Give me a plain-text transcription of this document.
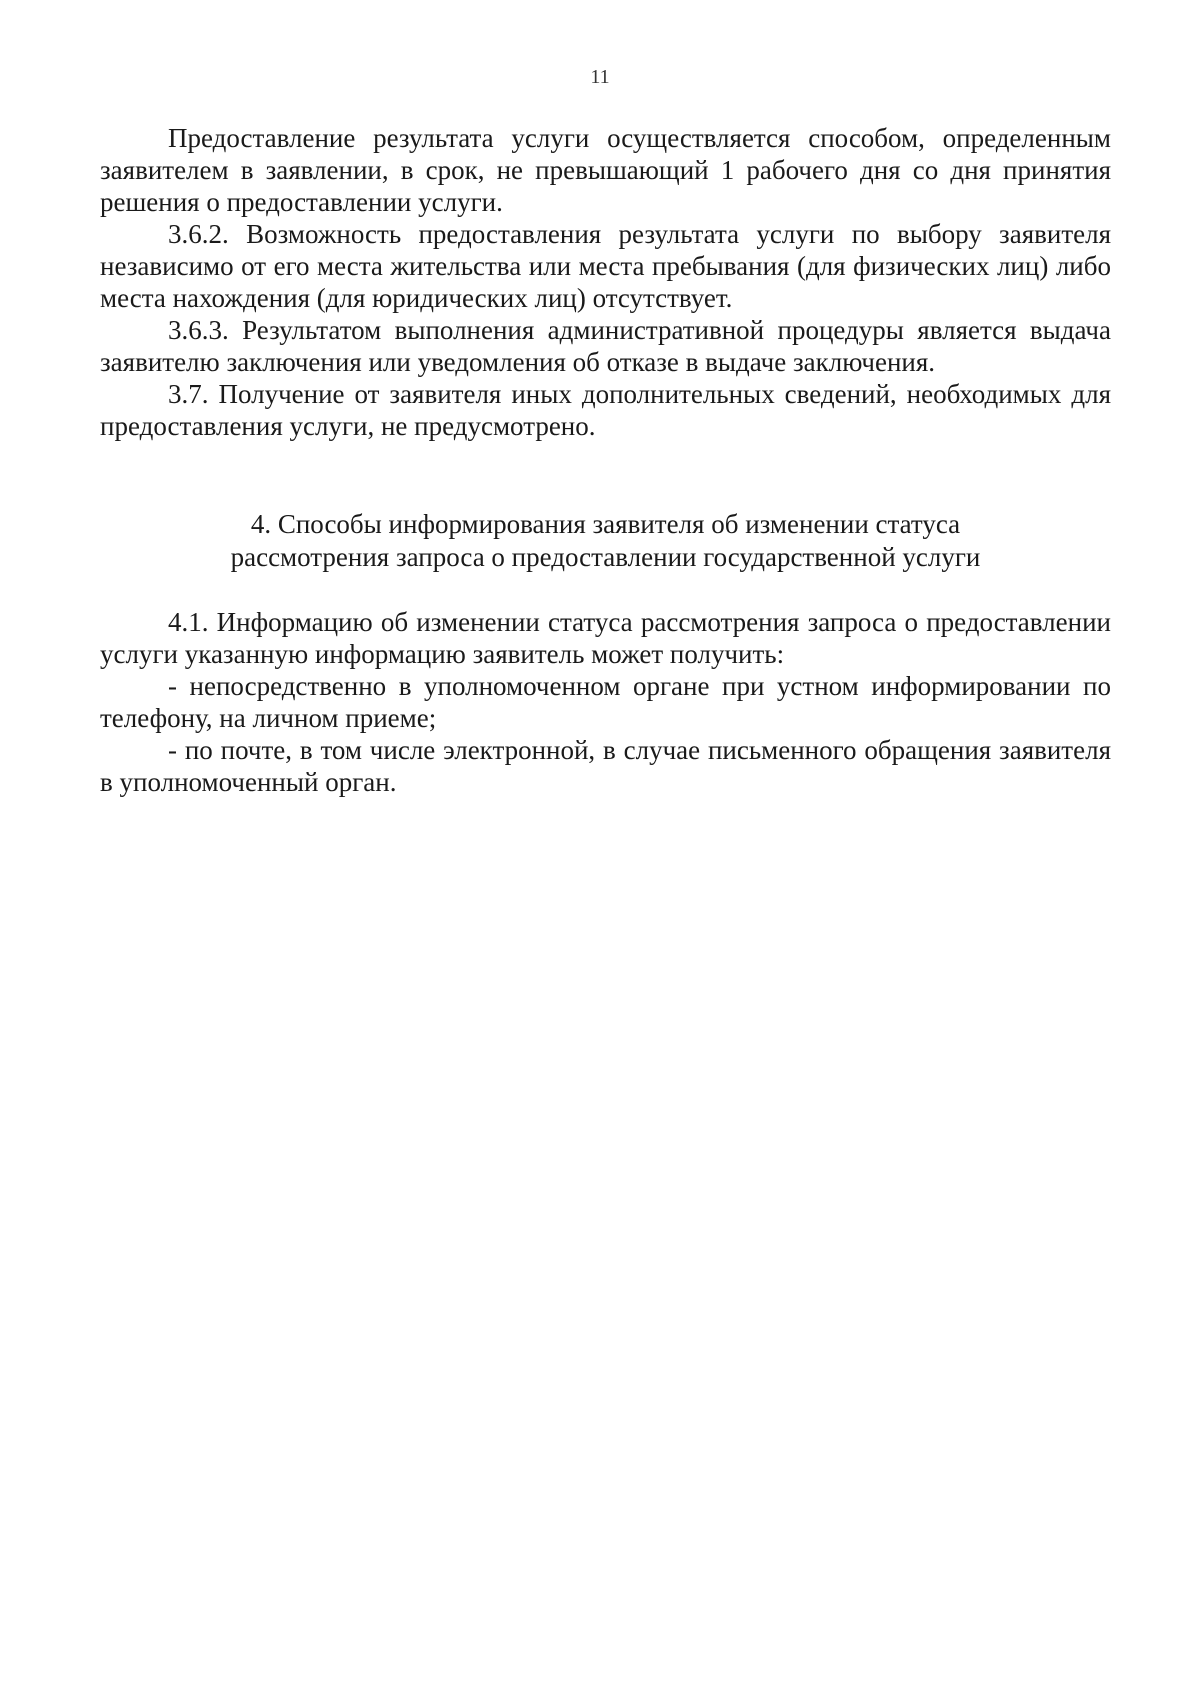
11

Предоставление результата услуги осуществляется способом, определенным заявителем в заявлении, в срок, не превышающий 1 рабочего дня со дня принятия решения о предоставлении услуги.

3.6.2. Возможность предоставления результата услуги по выбору заявителя независимо от его места жительства или места пребывания (для физических лиц) либо места нахождения (для юридических лиц) отсутствует.

3.6.3. Результатом выполнения административной процедуры является выдача заявителю заключения или уведомления об отказе в выдаче заключения.

3.7. Получение от заявителя иных дополнительных сведений, необходимых для предоставления услуги, не предусмотрено.

4. Способы информирования заявителя об изменении статуса
рассмотрения запроса о предоставлении государственной услуги

4.1. Информацию об изменении статуса рассмотрения запроса о предоставлении услуги указанную информацию заявитель может получить:

- непосредственно в уполномоченном органе при устном информировании по телефону, на личном приеме;

- по почте, в том числе электронной, в случае письменного обращения заявителя в уполномоченный орган.
